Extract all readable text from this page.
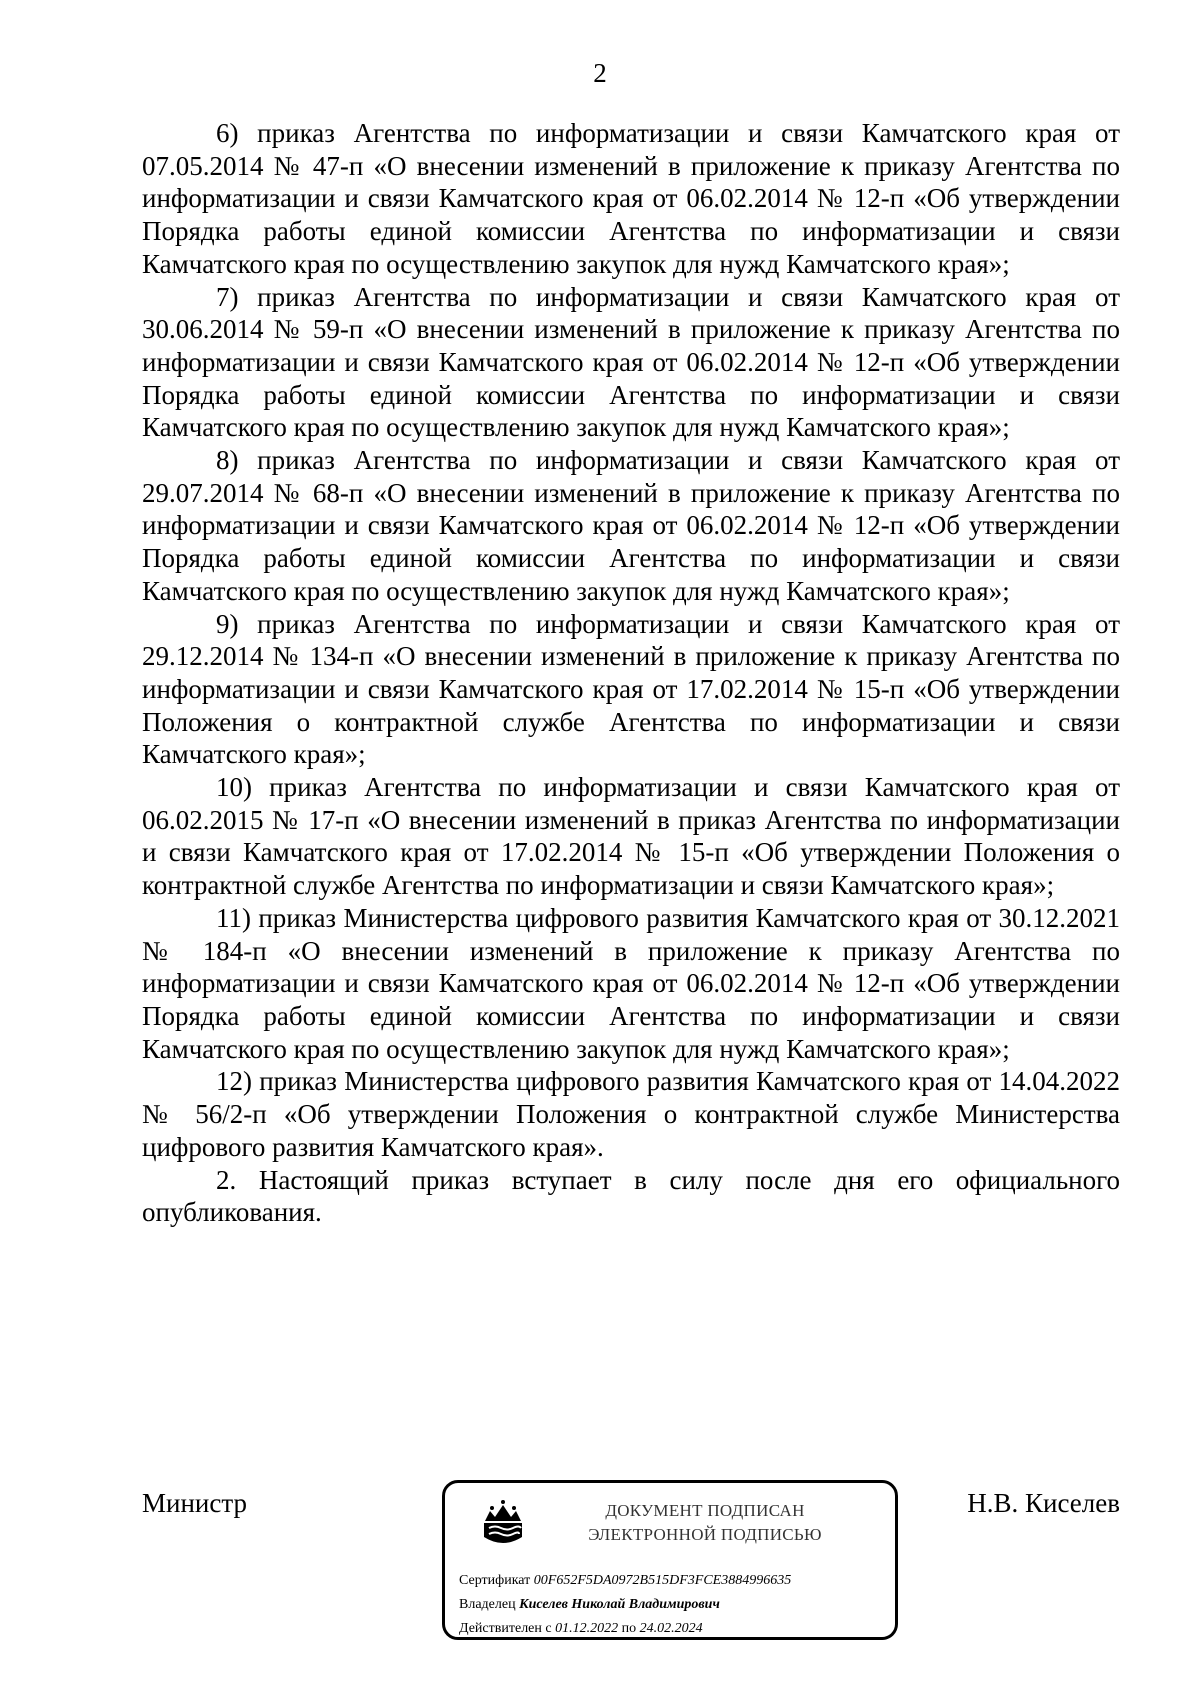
2

6) приказ Агентства по информатизации и связи Камчатского края от 07.05.2014 № 47-п «О внесении изменений в приложение к приказу Агентства по информатизации и связи Камчатского края от 06.02.2014 № 12-п «Об утверждении Порядка работы единой комиссии Агентства по информатизации и связи Камчатского края по осуществлению закупок для нужд Камчатского края»;

7) приказ Агентства по информатизации и связи Камчатского края от 30.06.2014 № 59-п «О внесении изменений в приложение к приказу Агентства по информатизации и связи Камчатского края от 06.02.2014 № 12-п «Об утверждении Порядка работы единой комиссии Агентства по информатизации и связи Камчатского края по осуществлению закупок для нужд Камчатского края»;

8) приказ Агентства по информатизации и связи Камчатского края от 29.07.2014 № 68-п «О внесении изменений в приложение к приказу Агентства по информатизации и связи Камчатского края от 06.02.2014 № 12-п «Об утверждении Порядка работы единой комиссии Агентства по информатизации и связи Камчатского края по осуществлению закупок для нужд Камчатского края»;

9) приказ Агентства по информатизации и связи Камчатского края от 29.12.2014 № 134-п «О внесении изменений в приложение к приказу Агентства по информатизации и связи Камчатского края от 17.02.2014 № 15-п «Об утверждении Положения о контрактной службе Агентства по информатизации и связи Камчатского края»;

10) приказ Агентства по информатизации и связи Камчатского края от 06.02.2015 № 17-п «О внесении изменений в приказ Агентства по информатизации и связи Камчатского края от 17.02.2014 № 15-п «Об утверждении Положения о контрактной службе Агентства по информатизации и связи Камчатского края»;

11) приказ Министерства цифрового развития Камчатского края от 30.12.2021 № 184-п «О внесении изменений в приложение к приказу Агентства по информатизации и связи Камчатского края от 06.02.2014 № 12-п «Об утверждении Порядка работы единой комиссии Агентства по информатизации и связи Камчатского края по осуществлению закупок для нужд Камчатского края»;

12) приказ Министерства цифрового развития Камчатского края от 14.04.2022 № 56/2-п «Об утверждении Положения о контрактной службе Министерства цифрового развития Камчатского края».

2. Настоящий приказ вступает в силу после дня его официального опубликования.

Министр	ДОКУМЕНТ ПОДПИСАН
ЭЛЕКТРОННОЙ ПОДПИСЬЮ
Сертификат 00F652F5DA0972B515DF3FCE3884996635
Владелец Киселев Николай Владимирович
Действителен с 01.12.2022 по 24.02.2024
Н.В. Киселев
